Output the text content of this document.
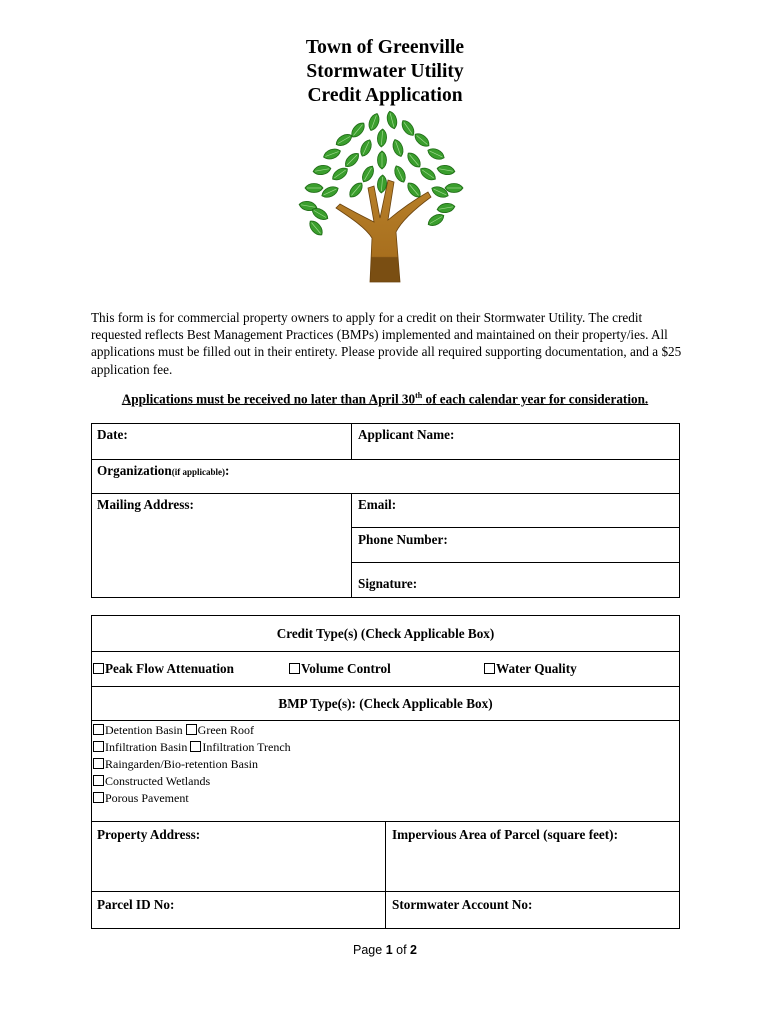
Town of Greenville
Stormwater Utility
Credit Application
This form is for commercial property owners to apply for a credit on their Stormwater Utility. The credit requested reflects Best Management Practices (BMPs) implemented and maintained on their property/ies. All applications must be filled out in their entirety. Please provide all required supporting documentation, and a $25 application fee.
Applications must be received no later than April 30th of each calendar year for consideration.
Date:	Applicant Name:
Organization(if applicable):
Mailing Address:	Email:
Phone Number:
Signature:
Credit Type(s) (Check Applicable Box)
Peak Flow Attenuation	Volume Control	Water Quality
BMP Type(s): (Check Applicable Box)
Detention Basin Green Roof
Infiltration Basin Infiltration Trench
Raingarden/Bio-retention Basin
Constructed Wetlands
Porous Pavement
Property Address:	Impervious Area of Parcel (square feet):
Parcel ID No:	Stormwater Account No:
Page 1 of 2
